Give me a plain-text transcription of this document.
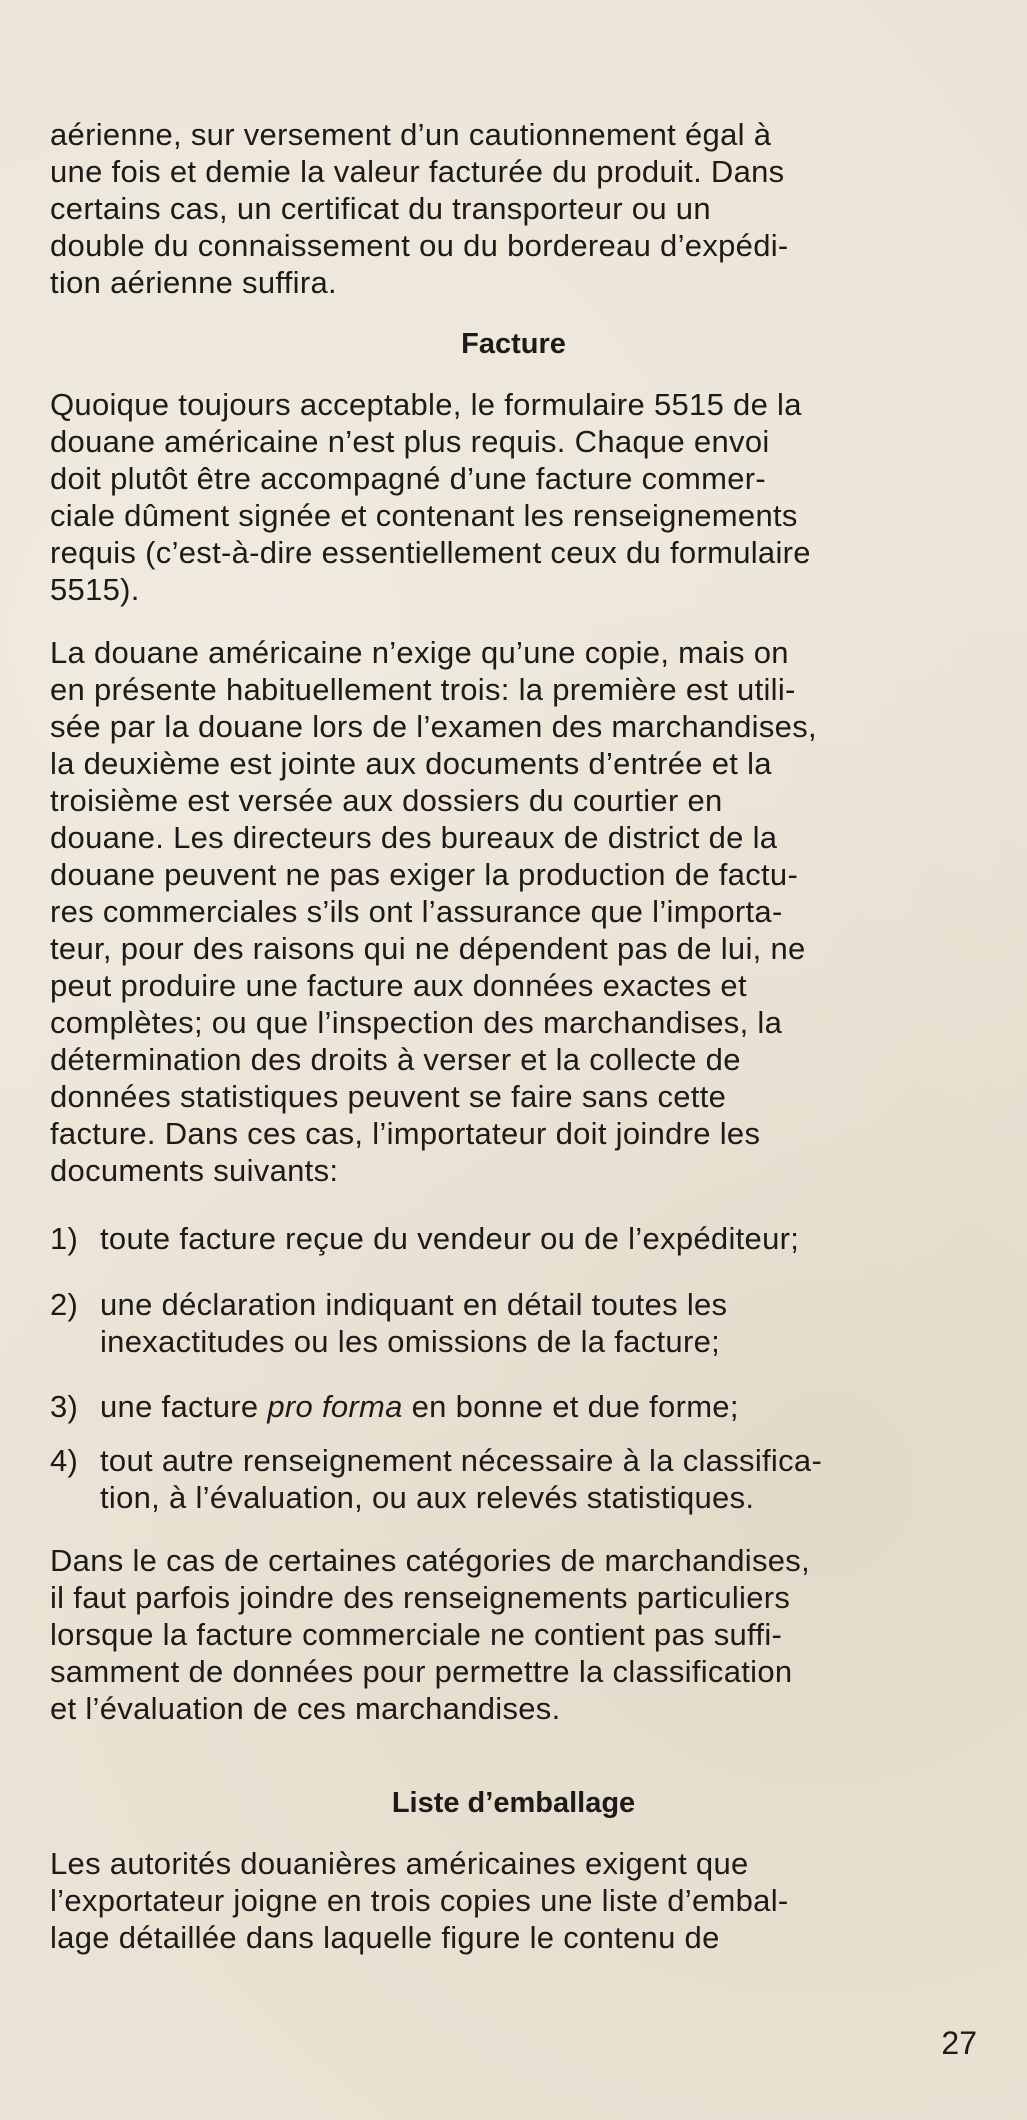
aérienne, sur versement d’un cautionnement égal à
une fois et demie la valeur facturée du produit. Dans
certains cas, un certificat du transporteur ou un
double du connaissement ou du bordereau d’expédi-
tion aérienne suffira.
Facture
Quoique toujours acceptable, le formulaire 5515 de la
douane américaine n’est plus requis. Chaque envoi
doit plutôt être accompagné d’une facture commer-
ciale dûment signée et contenant les renseignements
requis (c’est-à-dire essentiellement ceux du formulaire
5515).
La douane américaine n’exige qu’une copie, mais on
en présente habituellement trois: la première est utili-
sée par la douane lors de l’examen des marchandises,
la deuxième est jointe aux documents d’entrée et la
troisième est versée aux dossiers du courtier en
douane. Les directeurs des bureaux de district de la
douane peuvent ne pas exiger la production de factu-
res commerciales s’ils ont l’assurance que l’importa-
teur, pour des raisons qui ne dépendent pas de lui, ne
peut produire une facture aux données exactes et
complètes; ou que l’inspection des marchandises, la
détermination des droits à verser et la collecte de
données statistiques peuvent se faire sans cette
facture. Dans ces cas, l’importateur doit joindre les
documents suivants:
1) toute facture reçue du vendeur ou de l’expéditeur;
2) une déclaration indiquant en détail toutes les
inexactitudes ou les omissions de la facture;
3) une facture pro forma en bonne et due forme;
4) tout autre renseignement nécessaire à la classifica-
tion, à l’évaluation, ou aux relevés statistiques.
Dans le cas de certaines catégories de marchandises,
il faut parfois joindre des renseignements particuliers
lorsque la facture commerciale ne contient pas suffi-
samment de données pour permettre la classification
et l’évaluation de ces marchandises.
Liste d’emballage
Les autorités douanières américaines exigent que
l’exportateur joigne en trois copies une liste d’embal-
lage détaillée dans laquelle figure le contenu de
27
